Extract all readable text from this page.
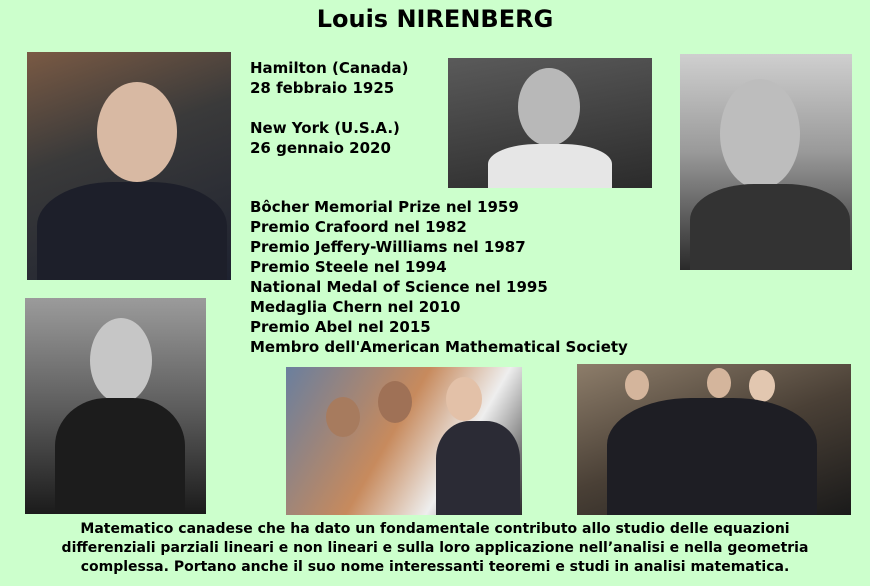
Louis NIRENBERG
Hamilton (Canada)
28 febbraio 1925
New York (U.S.A.)
26 gennaio 2020
Bôcher Memorial Prize nel 1959
Premio Crafoord nel 1982
Premio Jeffery-Williams nel 1987
Premio Steele nel 1994
National Medal of Science nel 1995
Medaglia Chern nel 2010
Premio Abel nel 2015
Membro dell'American Mathematical Society
Matematico canadese che ha dato un fondamentale contributo allo studio delle equazioni
differenziali parziali lineari e non lineari e sulla loro applicazione nell’analisi e nella geometria
complessa. Portano anche il suo nome interessanti teoremi e studi in analisi matematica.
